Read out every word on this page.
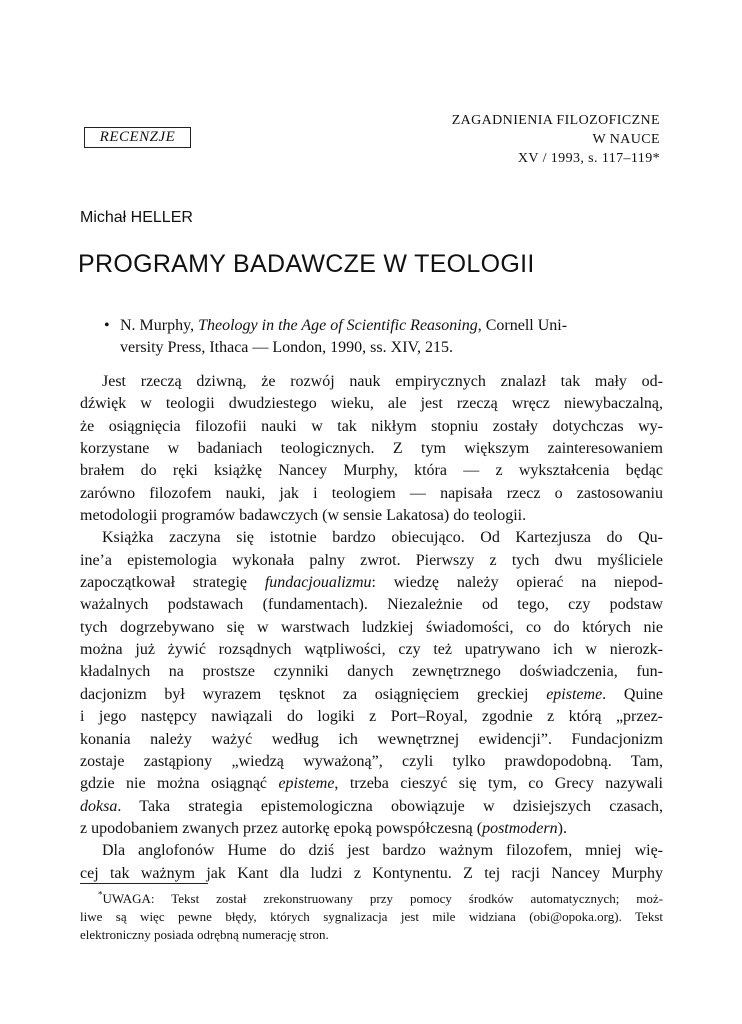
RECENZJE
ZAGADNIENIA FILOZOFICZNE
W NAUCE
XV / 1993, s. 117–119*
Michał HELLER
PROGRAMY BADAWCZE W TEOLOGII
• N. Murphy, Theology in the Age of Scientific Reasoning, Cornell Uni-
versity Press, Ithaca — London, 1990, ss. XIV, 215.
Jest rzeczą dziwną, że rozwój nauk empirycznych znalazł tak mały od-
dźwięk w teologii dwudziestego wieku, ale jest rzeczą wręcz niewybaczalną,
że osiągnięcia filozofii nauki w tak nikłym stopniu zostały dotychczas wy-
korzystane w badaniach teologicznych. Z tym większym zainteresowaniem
brałem do ręki książkę Nancey Murphy, która — z wykształcenia będąc
zarówno filozofem nauki, jak i teologiem — napisała rzecz o zastosowaniu
metodologii programów badawczych (w sensie Lakatosa) do teologii.
Książka zaczyna się istotnie bardzo obiecująco. Od Kartezjusza do Qu-
ine’a epistemologia wykonała palny zwrot. Pierwszy z tych dwu myśliciele
zapoczątkował strategię fundacjoualizmu: wiedzę należy opierać na niepod-
ważalnych podstawach (fundamentach). Niezależnie od tego, czy podstaw
tych dogrzebywano się w warstwach ludzkiej świadomości, co do których nie
można już żywić rozsądnych wątpliwości, czy też upatrywano ich w nierozk-
kładalnych na prostsze czynniki danych zewnętrznego doświadczenia, fun-
dacjonizm był wyrazem tęsknot za osiągnięciem greckiej episteme. Quine
i jego następcy nawiązali do logiki z Port–Royal, zgodnie z którą „przez-
konania należy ważyć według ich wewnętrznej ewidencji”. Fundacjonizm
zostaje zastąpiony „wiedzą wyważoną”, czyli tylko prawdopodobną. Tam,
gdzie nie można osiągnąć episteme, trzeba cieszyć się tym, co Grecy nazywali
doksa. Taka strategia epistemologiczna obowiązuje w dzisiejszych czasach,
z upodobaniem zwanych przez autorkę epoką powspółczesną (postmodern).
Dla anglofonów Hume do dziś jest bardzo ważnym filozofem, mniej wię-
cej tak ważnym jak Kant dla ludzi z Kontynentu. Z tej racji Nancey Murphy
*UWAGA: Tekst został zrekonstruowany przy pomocy środków automatycznych; moż-
liwe są więc pewne błędy, których sygnalizacja jest mile widziana (obi@opoka.org). Tekst
elektroniczny posiada odrębną numerację stron.
